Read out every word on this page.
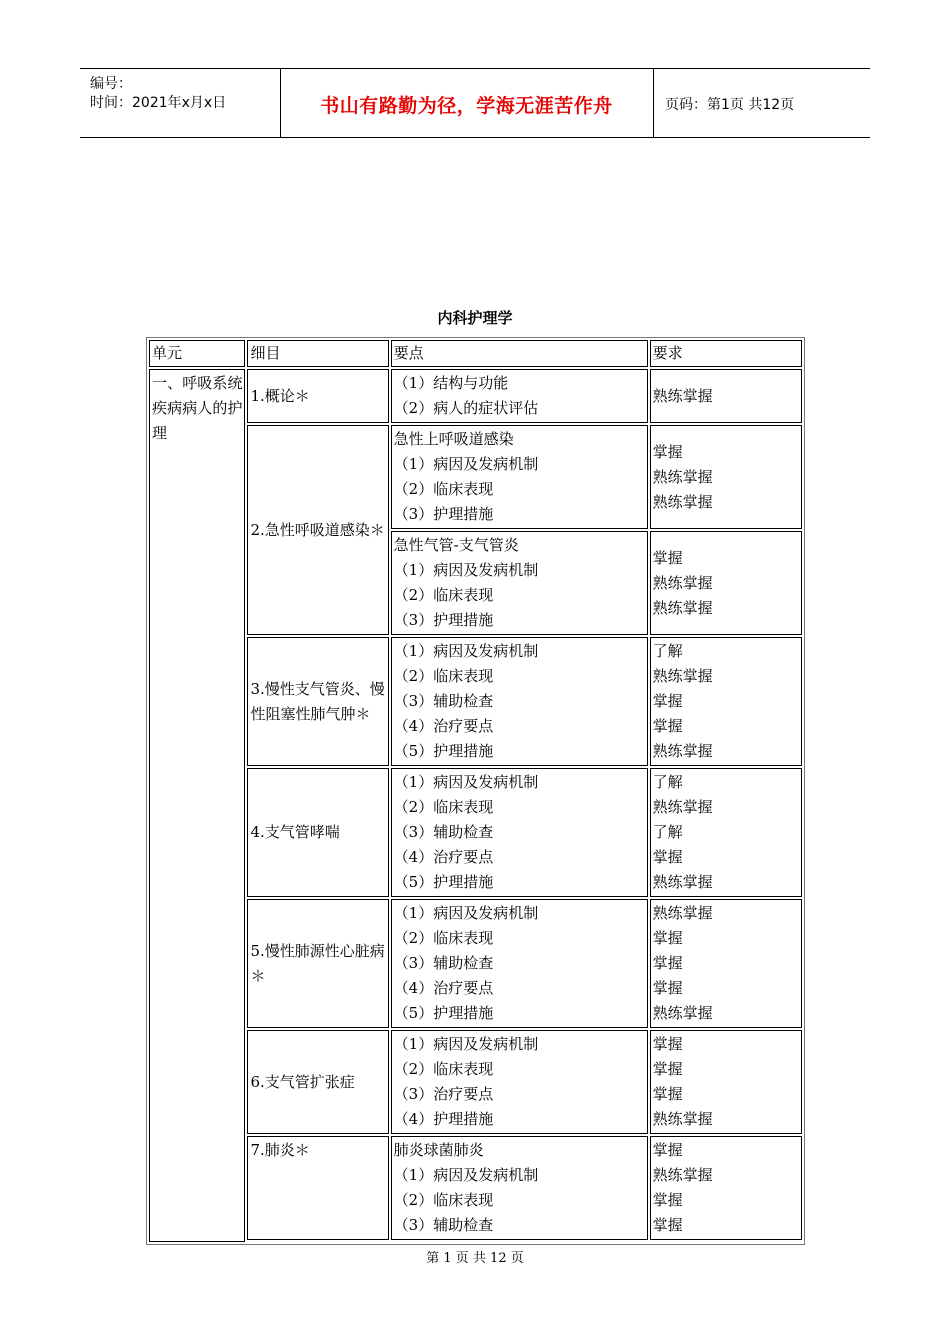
编号：
时间：2021年x月x日	书山有路勤为径，学海无涯苦作舟	页码：第1页 共12页
内科护理学
单元	细目	要点	要求
一、呼吸系统疾病病人的护理	1.概论＊	（1）结构与功能
（2）病人的症状评估	熟练掌握

	2.急性呼吸道感染＊	急性上呼吸道感染
（1）病因及发病机制
（2）临床表现
（3）护理措施	掌握
熟练掌握
熟练掌握

		急性气管-支气管炎
（1）病因及发病机制
（2）临床表现
（3）护理措施	掌握
熟练掌握
熟练掌握

	3.慢性支气管炎、慢性阻塞性肺气肿＊	（1）病因及发病机制
（2）临床表现
（3）辅助检查
（4）治疗要点
（5）护理措施	了解
熟练掌握
掌握
掌握
熟练掌握

	4.支气管哮喘	（1）病因及发病机制
（2）临床表现
（3）辅助检查
（4）治疗要点
（5）护理措施	了解
熟练掌握
了解
掌握
熟练掌握

	5.慢性肺源性心脏病＊	（1）病因及发病机制
（2）临床表现
（3）辅助检查
（4）治疗要点
（5）护理措施	熟练掌握
掌握
掌握
掌握
熟练掌握

	6.支气管扩张症	（1）病因及发病机制
（2）临床表现
（3）治疗要点
（4）护理措施	掌握
掌握
掌握
熟练掌握

	7.肺炎＊	肺炎球菌肺炎
（1）病因及发病机制
（2）临床表现
（3）辅助检查	掌握
熟练掌握
掌握
掌握

第 1 页 共 12 页
